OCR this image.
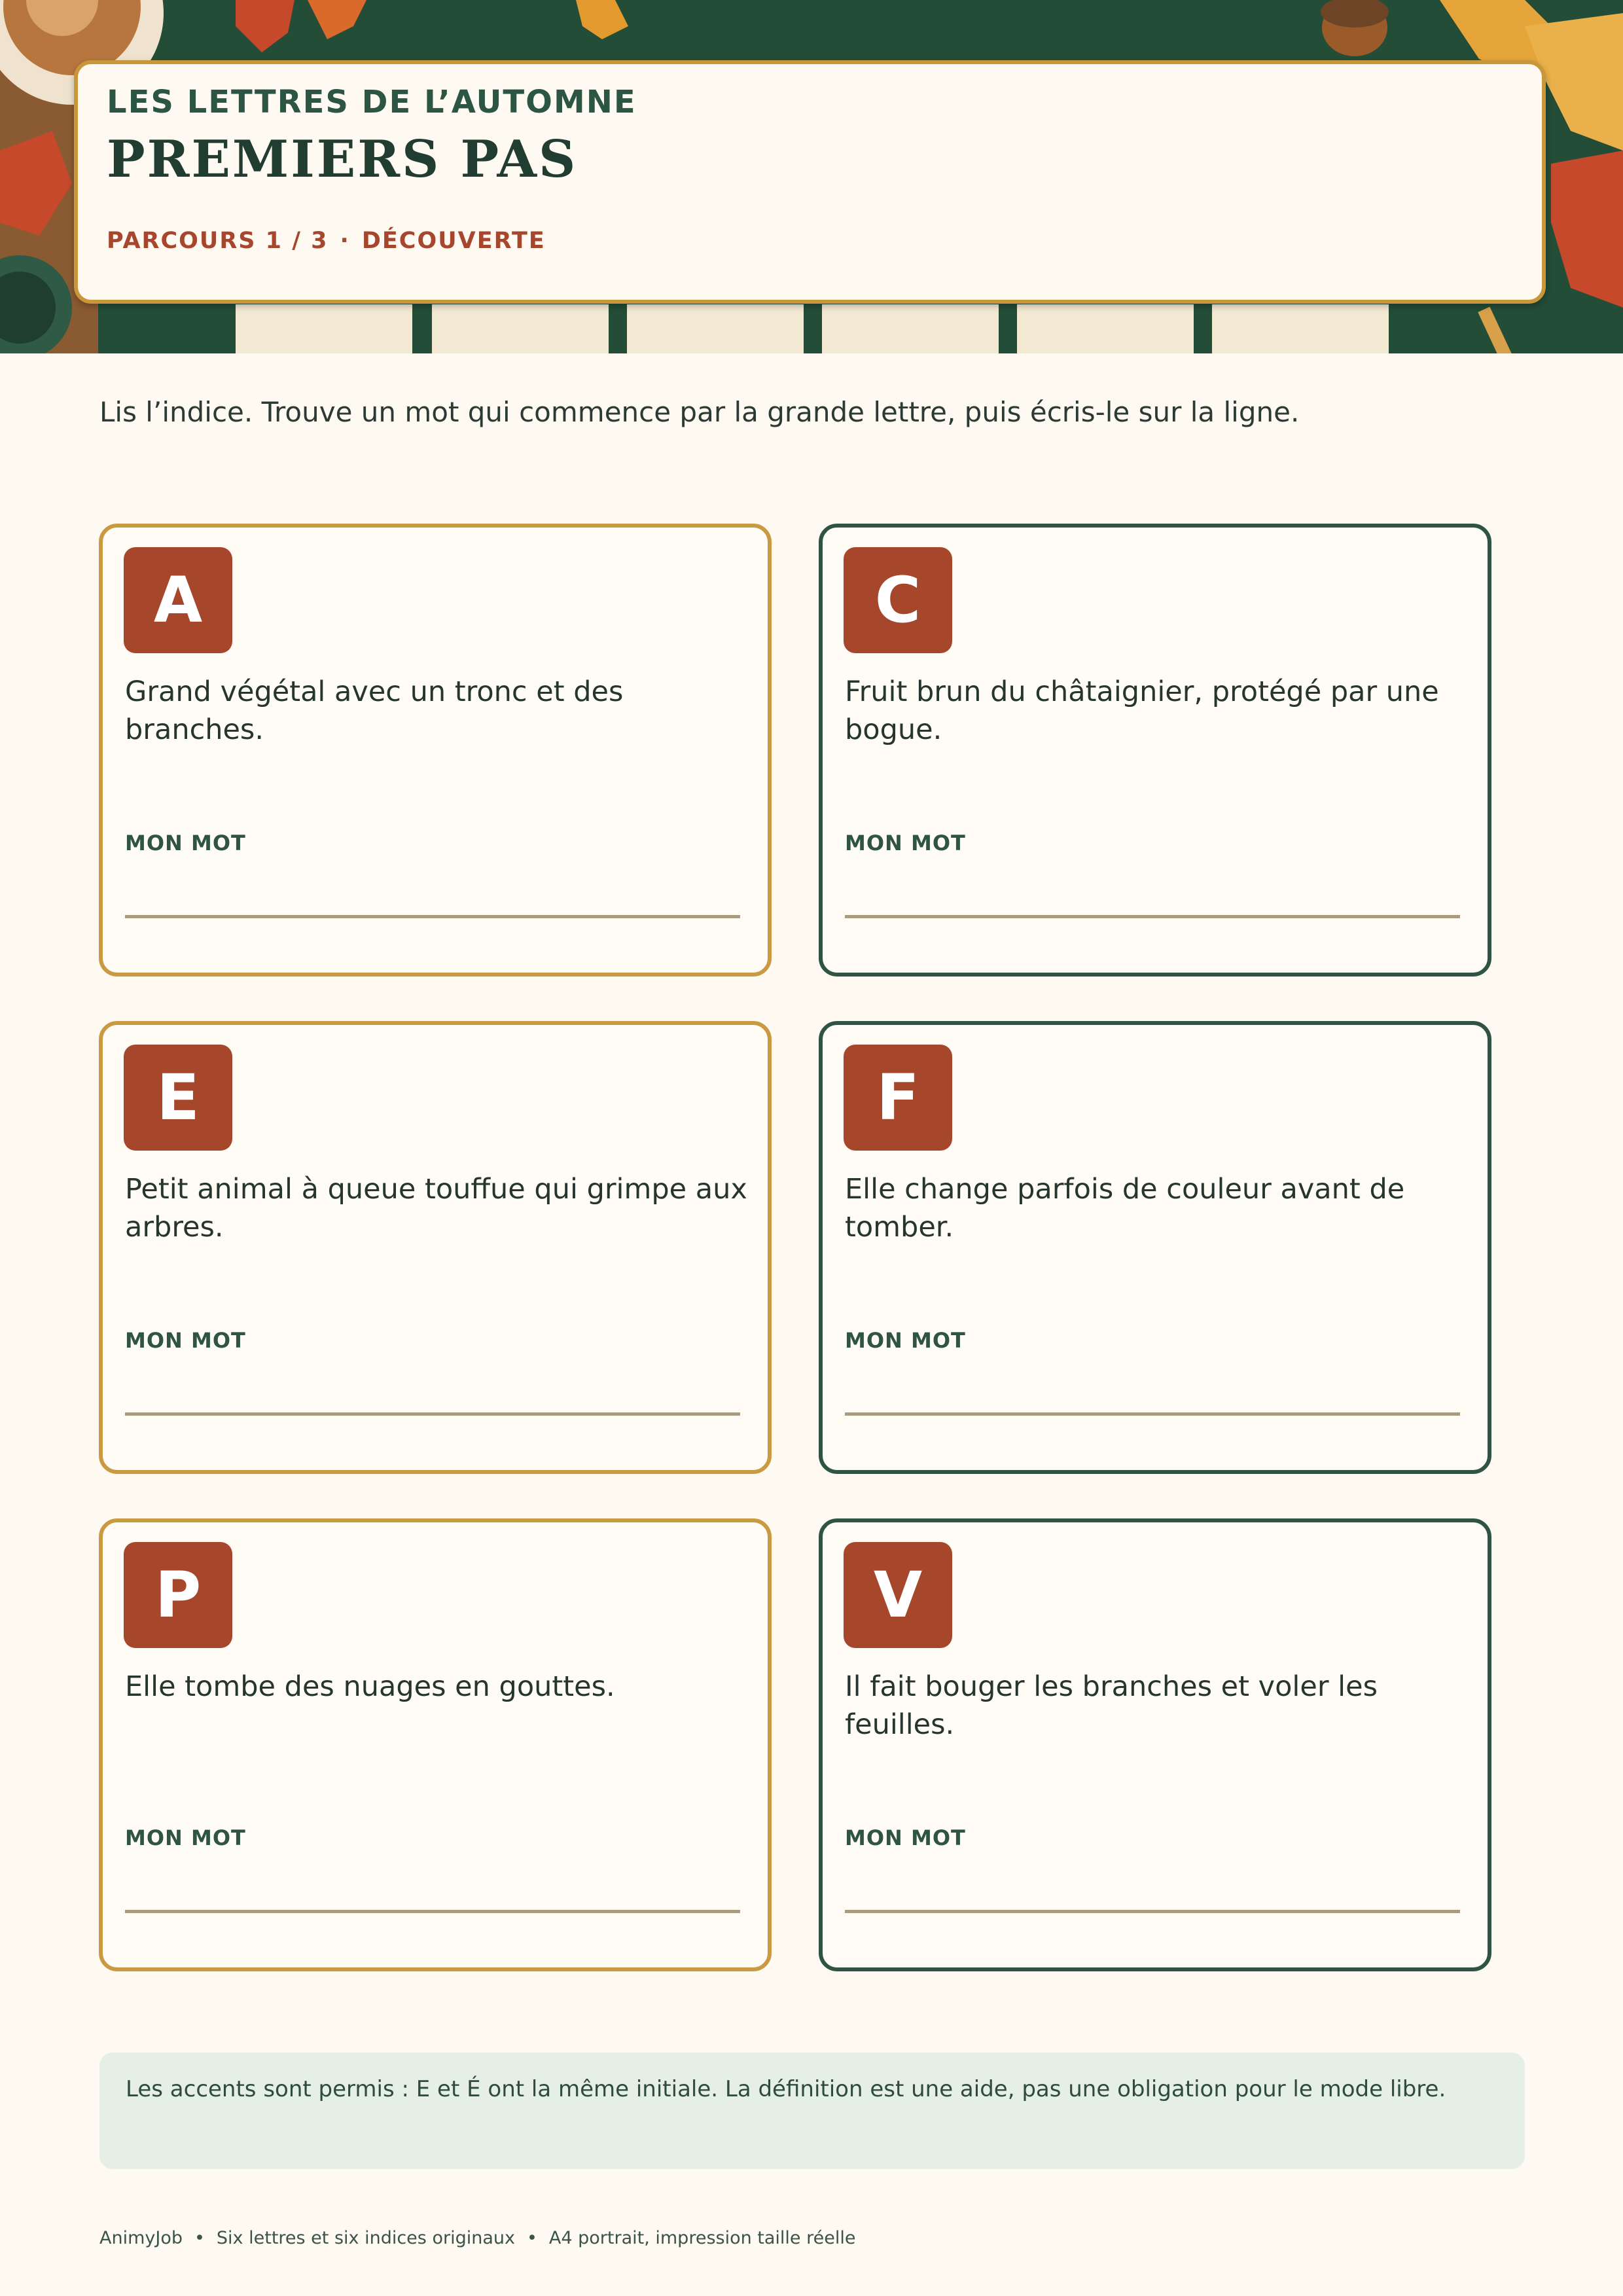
LES LETTRES DE L’AUTOMNE
PREMIERS PAS
PARCOURS 1 / 3 · DÉCOUVERTE
Lis l’indice. Trouve un mot qui commence par la grande lettre, puis écris-le sur la ligne.
A
Grand végétal avec un tronc et des branches.
MON MOT
C
Fruit brun du châtaignier, protégé par une bogue.
MON MOT
E
Petit animal à queue touffue qui grimpe aux arbres.
MON MOT
F
Elle change parfois de couleur avant de tomber.
MON MOT
P
Elle tombe des nuages en gouttes.
MON MOT
V
Il fait bouger les branches et voler les feuilles.
MON MOT
Les accents sont permis : E et É ont la même initiale. La définition est une aide, pas une obligation pour le mode libre.
AnimyJob • Six lettres et six indices originaux • A4 portrait, impression taille réelle
